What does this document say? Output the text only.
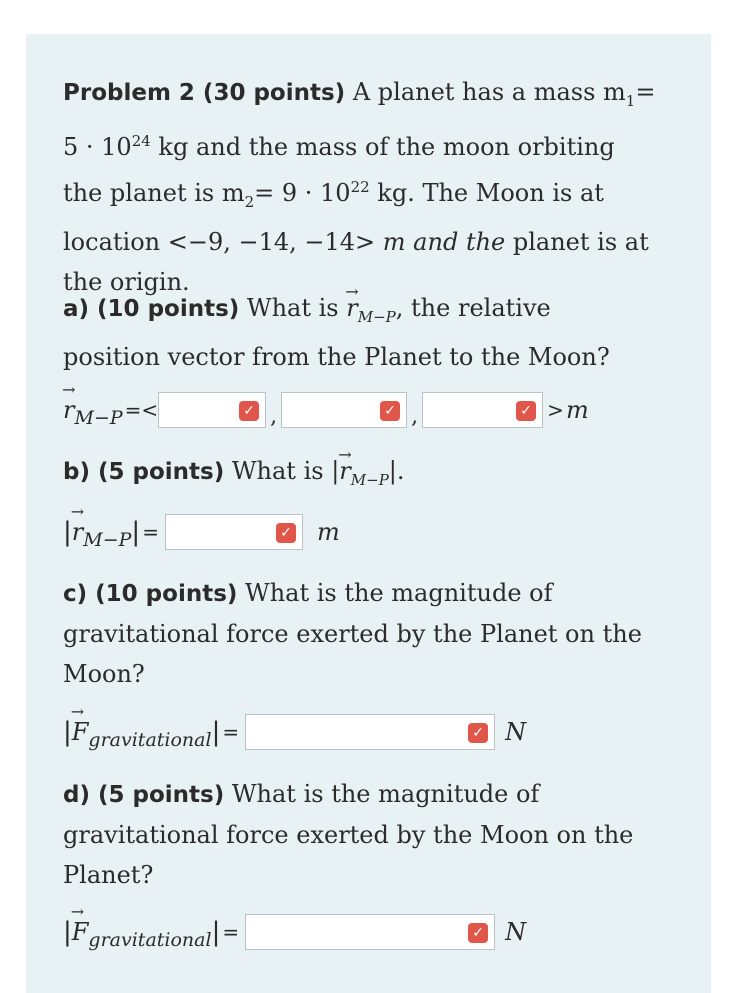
Problem 2 (30 points) A planet has a mass $m_1=$
$5 \cdot 10^{24}$ kg and the mass of the moon orbiting
the planet is $m_2= 9 \cdot 10^{22}$ kg. The Moon is at
location <−9, −14, −14> m and the planet is at
the origin.
a) (10 points) What is → $r_{M-P}$, the relative
position vector from the Planet to the Moon?
→ r M−P =<	✓ ,	✓ ,	✓ > m
b) (5 points) What is |→ $r_{M-P}|$.
| → r M−P | =	✓ m
c) (10 points) What is the magnitude of gravitational force exerted by the Planet on the Moon?
| → F gravitational | =	✓ N
d) (5 points) What is the magnitude of gravitational force exerted by the Moon on the Planet?
| → F gravitational | =	✓ N
